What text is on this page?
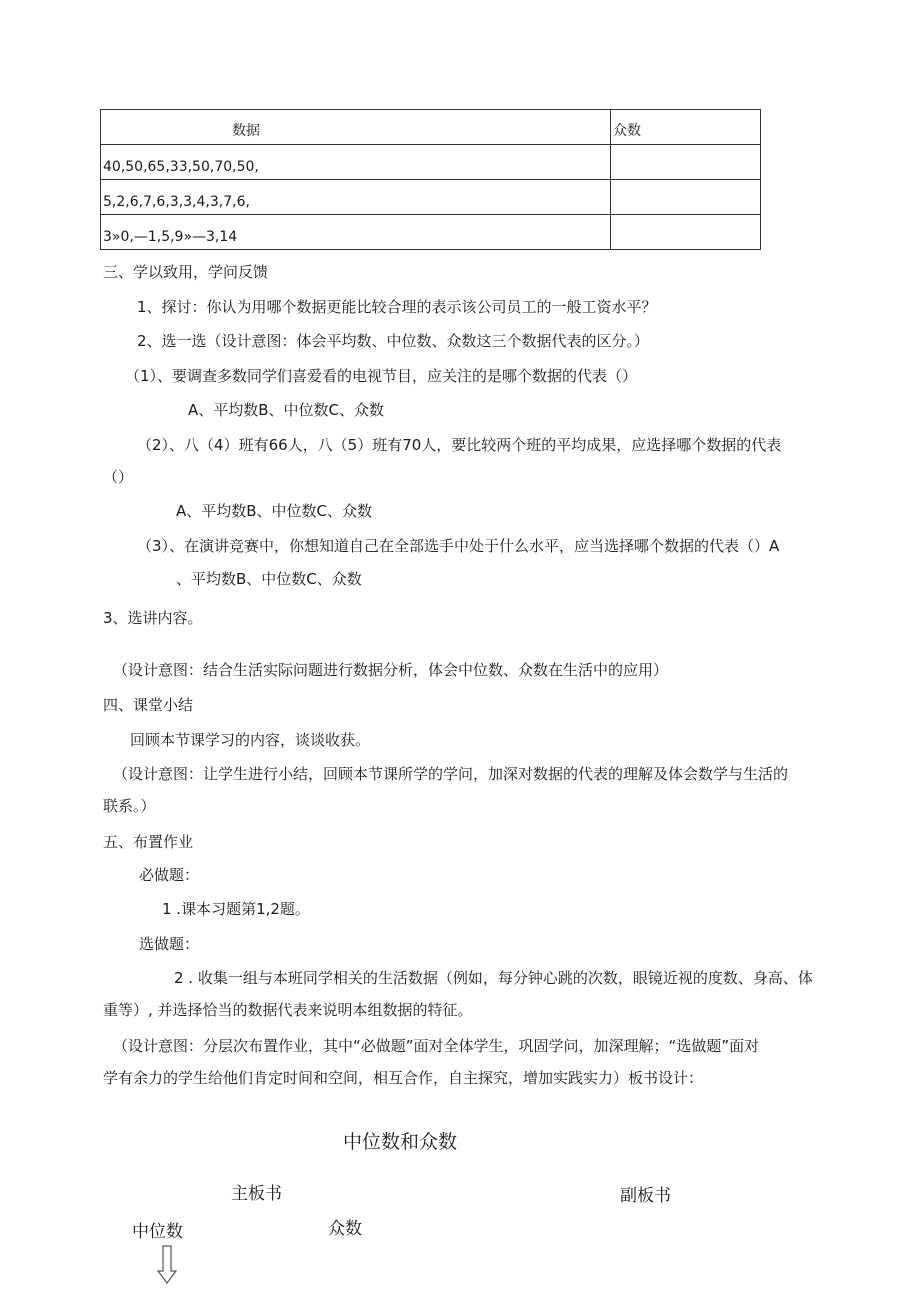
数据	众数

40,50,65,33,50,70,50,	

5,2,6,7,6,3,3,4,3,7,6,	

3»0,—1,5,9»—3,14	

三、学以致用，学问反馈
1、探讨：你认为用哪个数据更能比较合理的表示该公司员工的一般工资水平？
2、选一选（设计意图：体会平均数、中位数、众数这三个数据代表的区分。）
（1）、要调查多数同学们喜爱看的电视节目，应关注的是哪个数据的代表（）
A、平均数B、中位数C、众数
（2）、八（4）班有66人，八（5）班有70人，要比较两个班的平均成果，应选择哪个数据的代表
（）
A、平均数B、中位数C、众数
（3）、在演讲竞赛中，你想知道自己在全部选手中处于什么水平，应当选择哪个数据的代表（）A
、平均数B、中位数C、众数
3、选讲内容。
（设计意图：结合生活实际问题进行数据分析，体会中位数、众数在生活中的应用）
四、课堂小结
回顾本节课学习的内容，谈谈收获。
（设计意图：让学生进行小结，回顾本节课所学的学问，加深对数据的代表的理解及体会数学与生活的
联系。）
五、布置作业
必做题：
1 .课本习题第1,2题。
选做题：
2 . 收集一组与本班同学相关的生活数据（例如，每分钟心跳的次数，眼镜近视的度数、身高、体
重等）, 并选择恰当的数据代表来说明本组数据的特征。
（设计意图：分层次布置作业，其中“必做题”面对全体学生，巩固学问，加深理解；“选做题”面对
学有余力的学生给他们肯定时间和空间，相互合作，自主探究，增加实践实力）板书设计：
中位数和众数
主板书	副板书
中位数	众数
